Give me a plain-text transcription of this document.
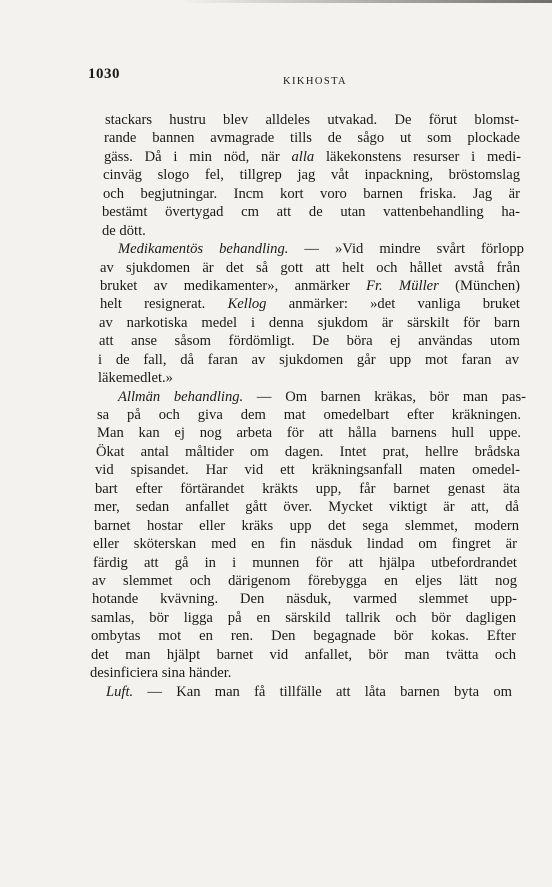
1030	KIKHOSTA
stackars hustru blev alldeles utvakad. De förut blomst-
rande bannen avmagrade tills de sågo ut som plockade
gäss. Då i min nöd, när alla läkekonstens resurser i medi-
cinväg slogo fel, tillgrep jag våt inpackning, bröstomslag
och begjutningar. Incm kort voro barnen friska. Jag är
bestämt övertygad cm att de utan vattenbehandling ha-
de dött.
Medikamentös behandling. — »Vid mindre svårt förlopp
av sjukdomen är det så gott att helt och hållet avstå från
bruket av medikamenter», anmärker Fr. Müller (München)
helt resignerat. Kellog anmärker: »det vanliga bruket
av narkotiska medel i denna sjukdom är särskilt för barn
att anse såsom fördömligt. De böra ej användas utom
i de fall, då faran av sjukdomen går upp mot faran av
läkemedlet.»
Allmän behandling. — Om barnen kräkas, bör man pas-
sa på och giva dem mat omedelbart efter kräkningen.
Man kan ej nog arbeta för att hålla barnens hull uppe.
Ökat antal måltider om dagen. Intet prat, hellre brådska
vid spisandet. Har vid ett kräkningsanfall maten omedel-
bart efter förtärandet kräkts upp, får barnet genast äta
mer, sedan anfallet gått över. Mycket viktigt är att, då
barnet hostar eller kräks upp det sega slemmet, modern
eller sköterskan med en fin näsduk lindad om fingret är
färdig att gå in i munnen för att hjälpa utbefordrandet
av slemmet och därigenom förebygga en eljes lätt nog
hotande kvävning. Den näsduk, varmed slemmet upp-
samlas, bör ligga på en särskild tallrik och bör dagligen
ombytas mot en ren. Den begagnade bör kokas. Efter
det man hjälpt barnet vid anfallet, bör man tvätta och
desinficiera sina händer.
Luft. — Kan man få tillfälle att låta barnen byta om
